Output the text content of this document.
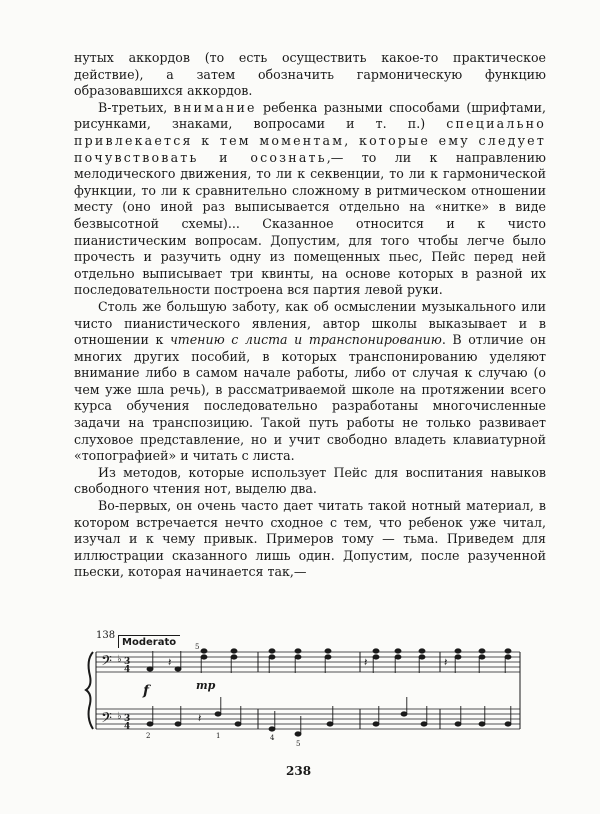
нутых аккордов (то есть осуществить какое-то практическое действие), а затем обозначить гармоническую функцию образовавшихся аккордов.

В-третьих, внимание ребенка разными способами (шрифтами, рисунками, знаками, вопросами и т. п.) специально привлекается к тем моментам, которые ему следует почувствовать и осознать,— то ли к направлению мелодического движения, то ли к секвенции, то ли к гармонической функции, то ли к сравнительно сложному в ритмическом отношении месту (оно иной раз выписывается отдельно на «нитке» в виде безвысотной схемы)... Сказанное относится и к чисто пианистическим вопросам. Допустим, для того чтобы легче было прочесть и разучить одну из помещенных пьес, Пейс перед ней отдельно выписывает три квинты, на основе которых в разной их последовательности построена вся партия левой руки.

Столь же большую заботу, как об осмыслении музыкального или чисто пианистического явления, автор школы выказывает и в отношении к чтению с листа и транспонированию. В отличие он многих других пособий, в которых транспонированию уделяют внимание либо в самом начале работы, либо от случая к случаю (о чем уже шла речь), в рассматриваемой школе на протяжении всего курса обучения последовательно разработаны многочисленные задачи на транспозицию. Такой путь работы не только развивает слуховое представление, но и учит свободно владеть клавиатурной «топографией» и читать с листа.

Из методов, которые использует Пейс для воспитания навыков свободного чтения нот, выделю два.

Во-первых, он очень часто дает читать такой нотный материал, в котором встречается нечто сходное с тем, что ребенок уже читал, изучал и к чему привык. Примеров тому — тьма. Приведем для иллюстрации сказанного лишь один. Допустим, после разученной пьески, которая начинается так,—

138
Moderato
𝄢
𝄢
♭
♭
3
4
3
4
𝄽
𝄽
𝄽	𝄽
f	mp
5
2	1	4
5
238
